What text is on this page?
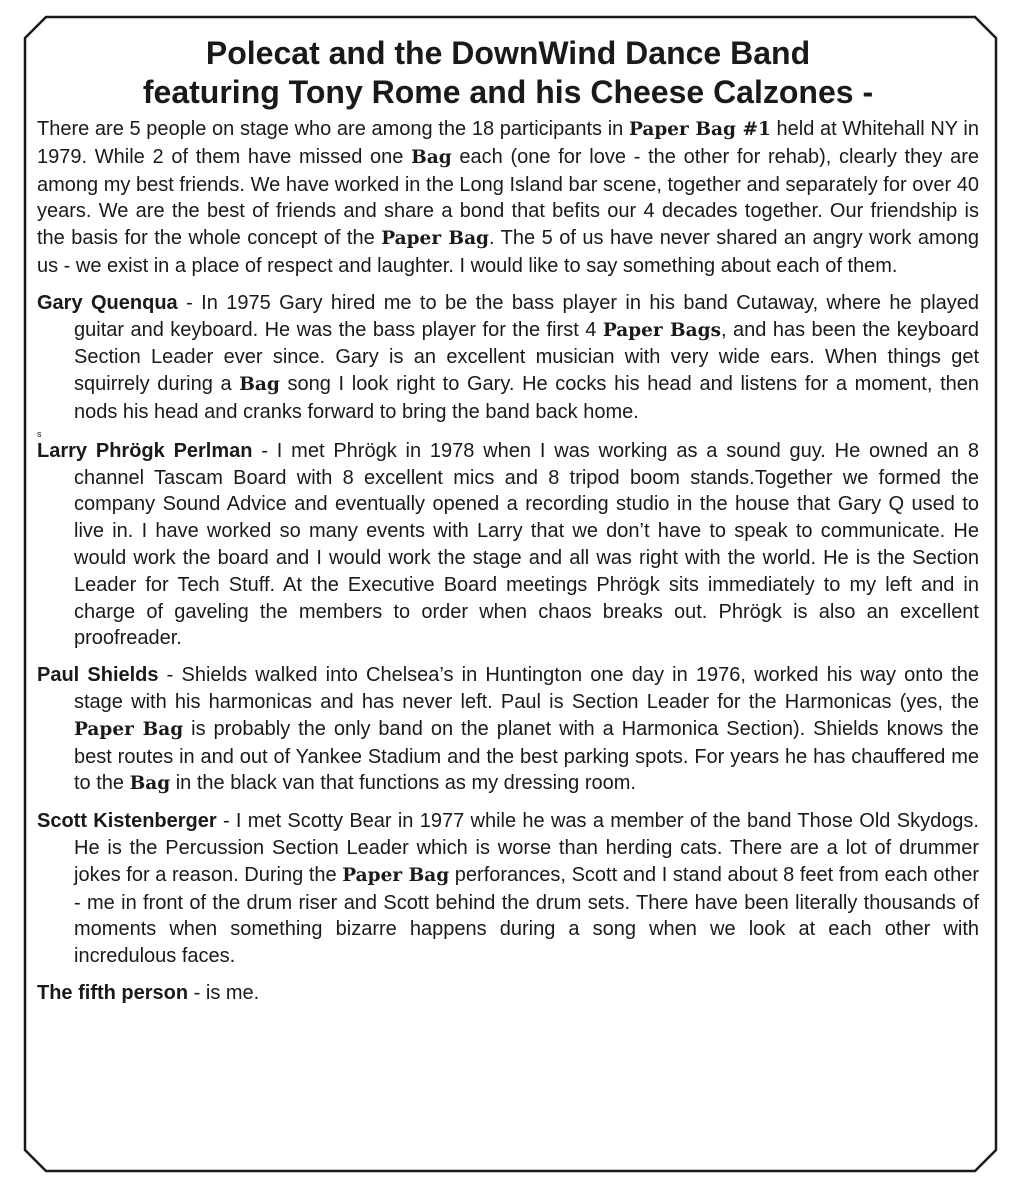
Polecat and the DownWind Dance Band
featuring Tony Rome and his Cheese Calzones -

There are 5 people on stage who are among the 18 participants in Paper Bag #1 held at Whitehall NY in 1979. While 2 of them have missed one Bag each (one for love - the other for rehab), clearly they are among my best friends. We have worked in the Long Island bar scene, together and separately for over 40 years. We are the best of friends and share a bond that befits our 4 decades together. Our friendship is the basis for the whole concept of the Paper Bag. The 5 of us have never shared an angry work among us - we exist in a place of respect and laughter. I would like to say something about each of them.

Gary Quenqua - In 1975 Gary hired me to be the bass player in his band Cutaway, where he played guitar and keyboard. He was the bass player for the first 4 Paper Bags, and has been the keyboard Section Leader ever since. Gary is an excellent musician with very wide ears. When things get squirrely during a Bag song I look right to Gary. He cocks his head and listens for a moment, then nods his head and cranks forward to bring the band back home.

s

Larry Phrögk Perlman - I met Phrögk in 1978 when I was working as a sound guy. He owned an 8 channel Tascam Board with 8 excellent mics and 8 tripod boom stands.Together we formed the company Sound Advice and eventually opened a recording studio in the house that Gary Q used to live in. I have worked so many events with Larry that we don’t have to speak to communicate. He would work the board and I would work the stage and all was right with the world. He is the Section Leader for Tech Stuff. At the Executive Board meetings Phrögk sits immediately to my left and in charge of gaveling the members to order when chaos breaks out. Phrögk is also an excellent proofreader.

Paul Shields - Shields walked into Chelsea’s in Huntington one day in 1976, worked his way onto the stage with his harmonicas and has never left. Paul is Section Leader for the Harmonicas (yes, the Paper Bag is probably the only band on the planet with a Harmonica Section). Shields knows the best routes in and out of Yankee Stadium and the best parking spots. For years he has chauffered me to the Bag in the black van that functions as my dressing room.

Scott Kistenberger - I met Scotty Bear in 1977 while he was a member of the band Those Old Skydogs. He is the Percussion Section Leader which is worse than herding cats. There are a lot of drummer jokes for a reason. During the Paper Bag perforances, Scott and I stand about 8 feet from each other - me in front of the drum riser and Scott behind the drum sets. There have been literally thousands of moments when something bizarre happens during a song when we look at each other with incredulous faces.

The fifth person - is me.
